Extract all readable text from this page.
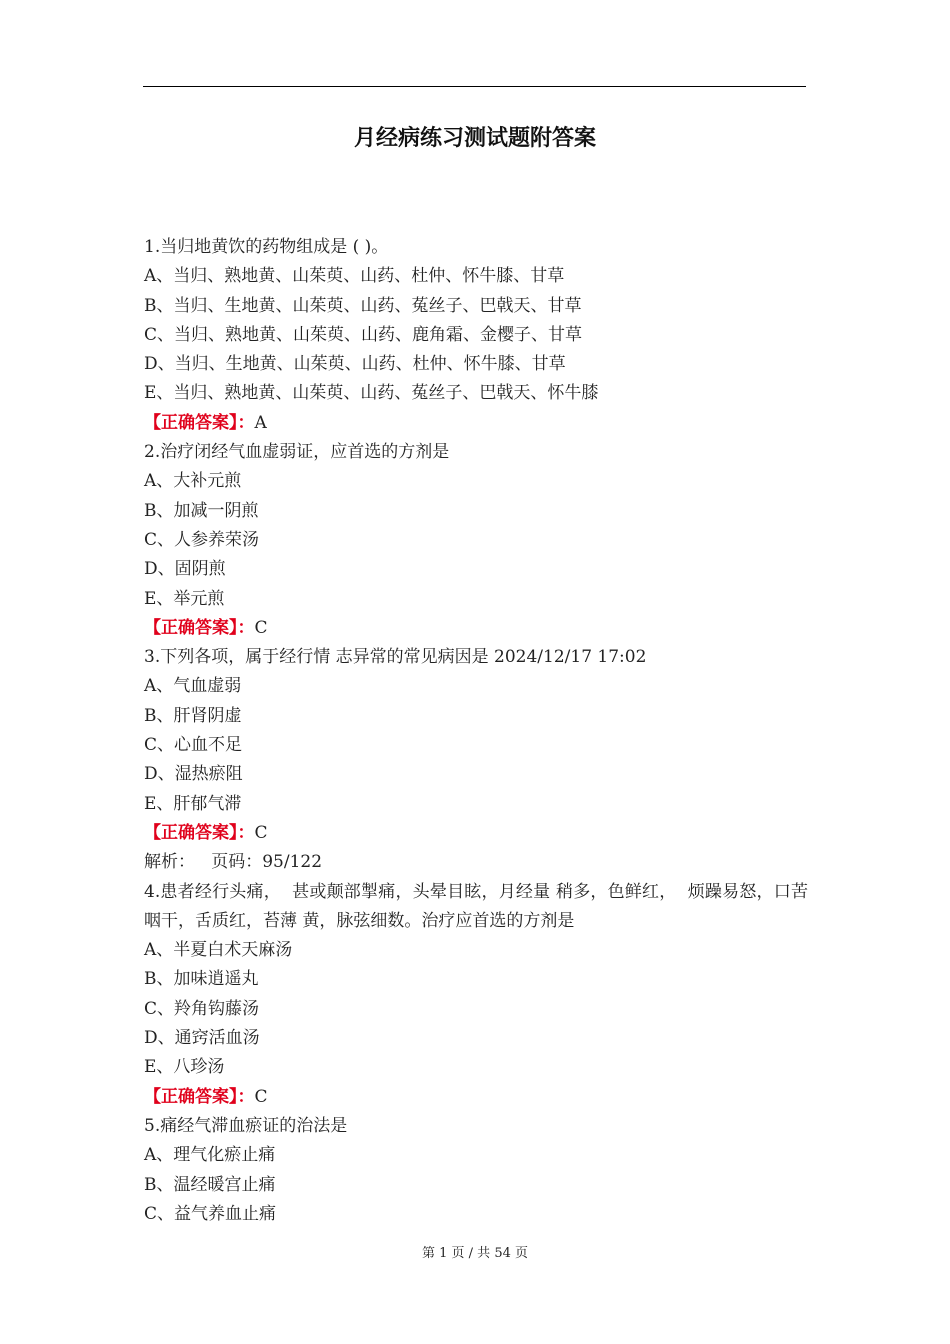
月经病练习测试题附答案
1.当归地黄饮的药物组成是 ( )。
A、当归、熟地黄、山茱萸、山药、杜仲、怀牛膝、甘草
B、当归、生地黄、山茱萸、山药、菟丝子、巴戟天、甘草
C、当归、熟地黄、山茱萸、山药、鹿角霜、金樱子、甘草
D、当归、生地黄、山茱萸、山药、杜仲、怀牛膝、甘草
E、当归、熟地黄、山茱萸、山药、菟丝子、巴戟天、怀牛膝
【正确答案】：A
2.治疗闭经气血虚弱证，应首选的方剂是
A、大补元煎
B、加减一阴煎
C、人参养荣汤
D、固阴煎
E、举元煎
【正确答案】：C
3.下列各项，属于经行情 志异常的常见病因是 2024/12/17 17:02
A、气血虚弱
B、肝肾阴虚
C、心血不足
D、湿热瘀阻
E、肝郁气滞
【正确答案】：C
解析：   页码：95/122
4.患者经行头痛，  甚或颠部掣痛，头晕目眩，月经量 稍多，色鲜红，  烦躁易怒，口苦咽干，舌质红，苔薄 黄，脉弦细数。治疗应首选的方剂是
A、半夏白术天麻汤
B、加味逍遥丸
C、羚角钩藤汤
D、通窍活血汤
E、八珍汤
【正确答案】：C
5.痛经气滞血瘀证的治法是
A、理气化瘀止痛
B、温经暖宫止痛
C、益气养血止痛
第 1 页 / 共 54 页
